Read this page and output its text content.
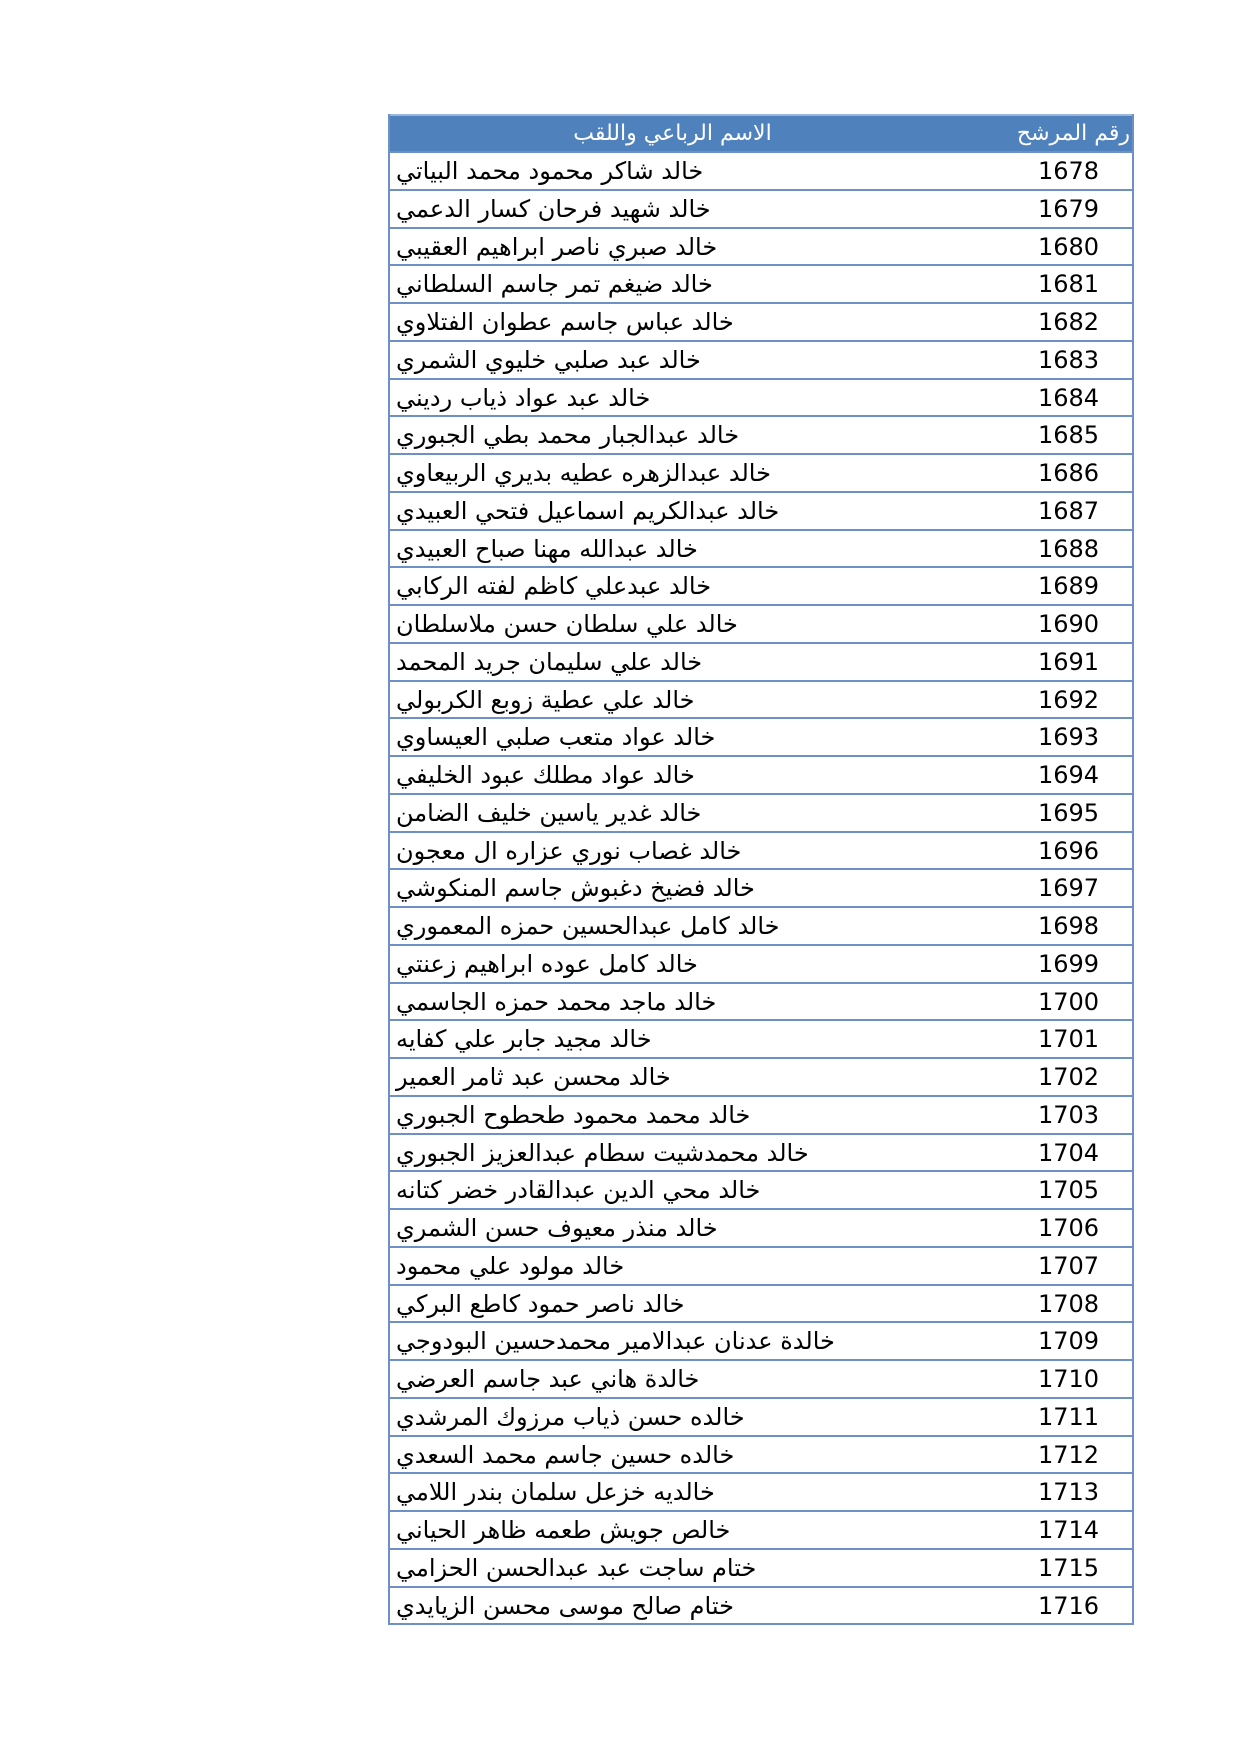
الاسم الرباعي واللقب	رقم المرشح
خالد شاكر محمود محمد البياتي	1678
خالد شهيد فرحان كسار الدعمي	1679
خالد صبري ناصر ابراهيم العقيبي	1680
خالد ضيغم تمر جاسم السلطاني	1681
خالد عباس جاسم عطوان الفتلاوي	1682
خالد عبد صلبي خليوي الشمري	1683
خالد عبد عواد ذياب رديني	1684
خالد عبدالجبار محمد بطي الجبوري	1685
خالد عبدالزهره عطيه بديري الربيعاوي	1686
خالد عبدالكريم اسماعيل فتحي العبيدي	1687
خالد عبدالله مهنا صباح العبيدي	1688
خالد عبدعلي كاظم لفته الركابي	1689
خالد علي سلطان حسن ملاسلطان	1690
خالد علي سليمان جريد المحمد	1691
خالد علي عطية زوبع الكربولي	1692
خالد عواد متعب صلبي العيساوي	1693
خالد عواد مطلك عبود الخليفي	1694
خالد غدير ياسين خليف الضامن	1695
خالد غصاب نوري عزاره ال معجون	1696
خالد فضيخ دغبوش جاسم المنكوشي	1697
خالد كامل عبدالحسين حمزه المعموري	1698
خالد كامل عوده ابراهيم زعنتي	1699
خالد ماجد محمد حمزه الجاسمي	1700
خالد مجيد جابر علي كفايه	1701
خالد محسن عبد ثامر العمير	1702
خالد محمد محمود طحطوح الجبوري	1703
خالد محمدشيت سطام عبدالعزيز الجبوري	1704
خالد محي الدين عبدالقادر خضر كتانه	1705
خالد منذر معيوف حسن الشمري	1706
خالد مولود علي محمود	1707
خالد ناصر حمود كاطع البركي	1708
خالدة عدنان عبدالامير محمدحسين البودوجي	1709
خالدة هاني عبد جاسم العرضي	1710
خالده حسن ذياب مرزوك المرشدي	1711
خالده حسين جاسم محمد السعدي	1712
خالديه خزعل سلمان بندر اللامي	1713
خالص جويش طعمه ظاهر الحياني	1714
ختام ساجت عبد عبدالحسن الحزامي	1715
ختام صالح موسى محسن الزيايدي	1716
